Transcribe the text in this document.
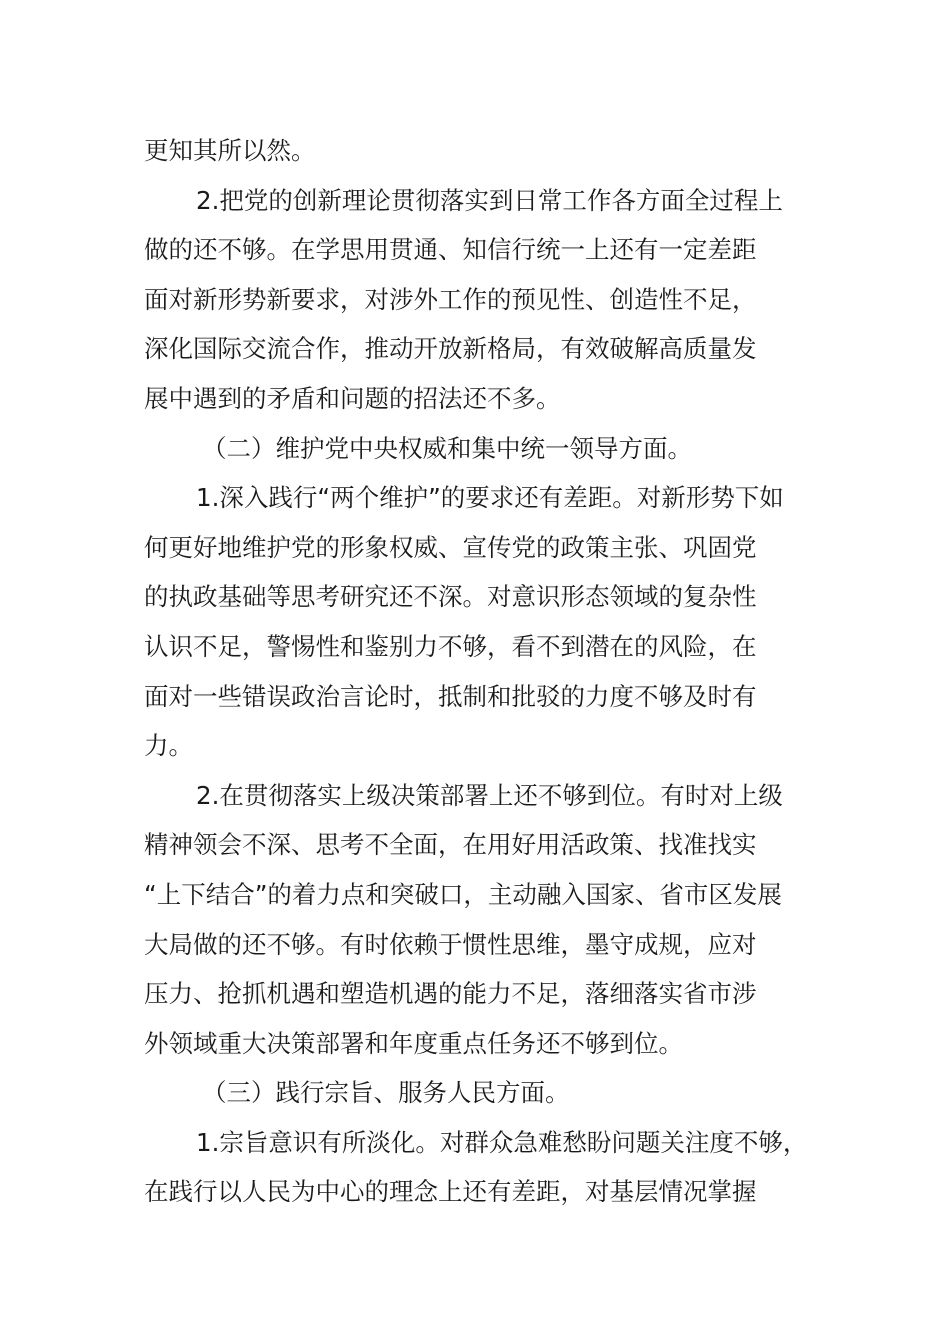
更知其所以然。

2.把党的创新理论贯彻落实到日常工作各方面全过程上

做的还不够。在学思用贯通、知信行统一上还有一定差距

面对新形势新要求，对涉外工作的预见性、创造性不足，

深化国际交流合作，推动开放新格局，有效破解高质量发

展中遇到的矛盾和问题的招法还不多。

（二）维护党中央权威和集中统一领导方面。

1.深入践行“两个维护”的要求还有差距。对新形势下如

何更好地维护党的形象权威、宣传党的政策主张、巩固党

的执政基础等思考研究还不深。对意识形态领域的复杂性

认识不足，警惕性和鉴别力不够，看不到潜在的风险，在

面对一些错误政治言论时，抵制和批驳的力度不够及时有

力。

2.在贯彻落实上级决策部署上还不够到位。有时对上级

精神领会不深、思考不全面，在用好用活政策、找准找实

“上下结合”的着力点和突破口，主动融入国家、省市区发展

大局做的还不够。有时依赖于惯性思维，墨守成规，应对

压力、抢抓机遇和塑造机遇的能力不足，落细落实省市涉

外领域重大决策部署和年度重点任务还不够到位。

（三）践行宗旨、服务人民方面。

1.宗旨意识有所淡化。对群众急难愁盼问题关注度不够，

在践行以人民为中心的理念上还有差距，对基层情况掌握
